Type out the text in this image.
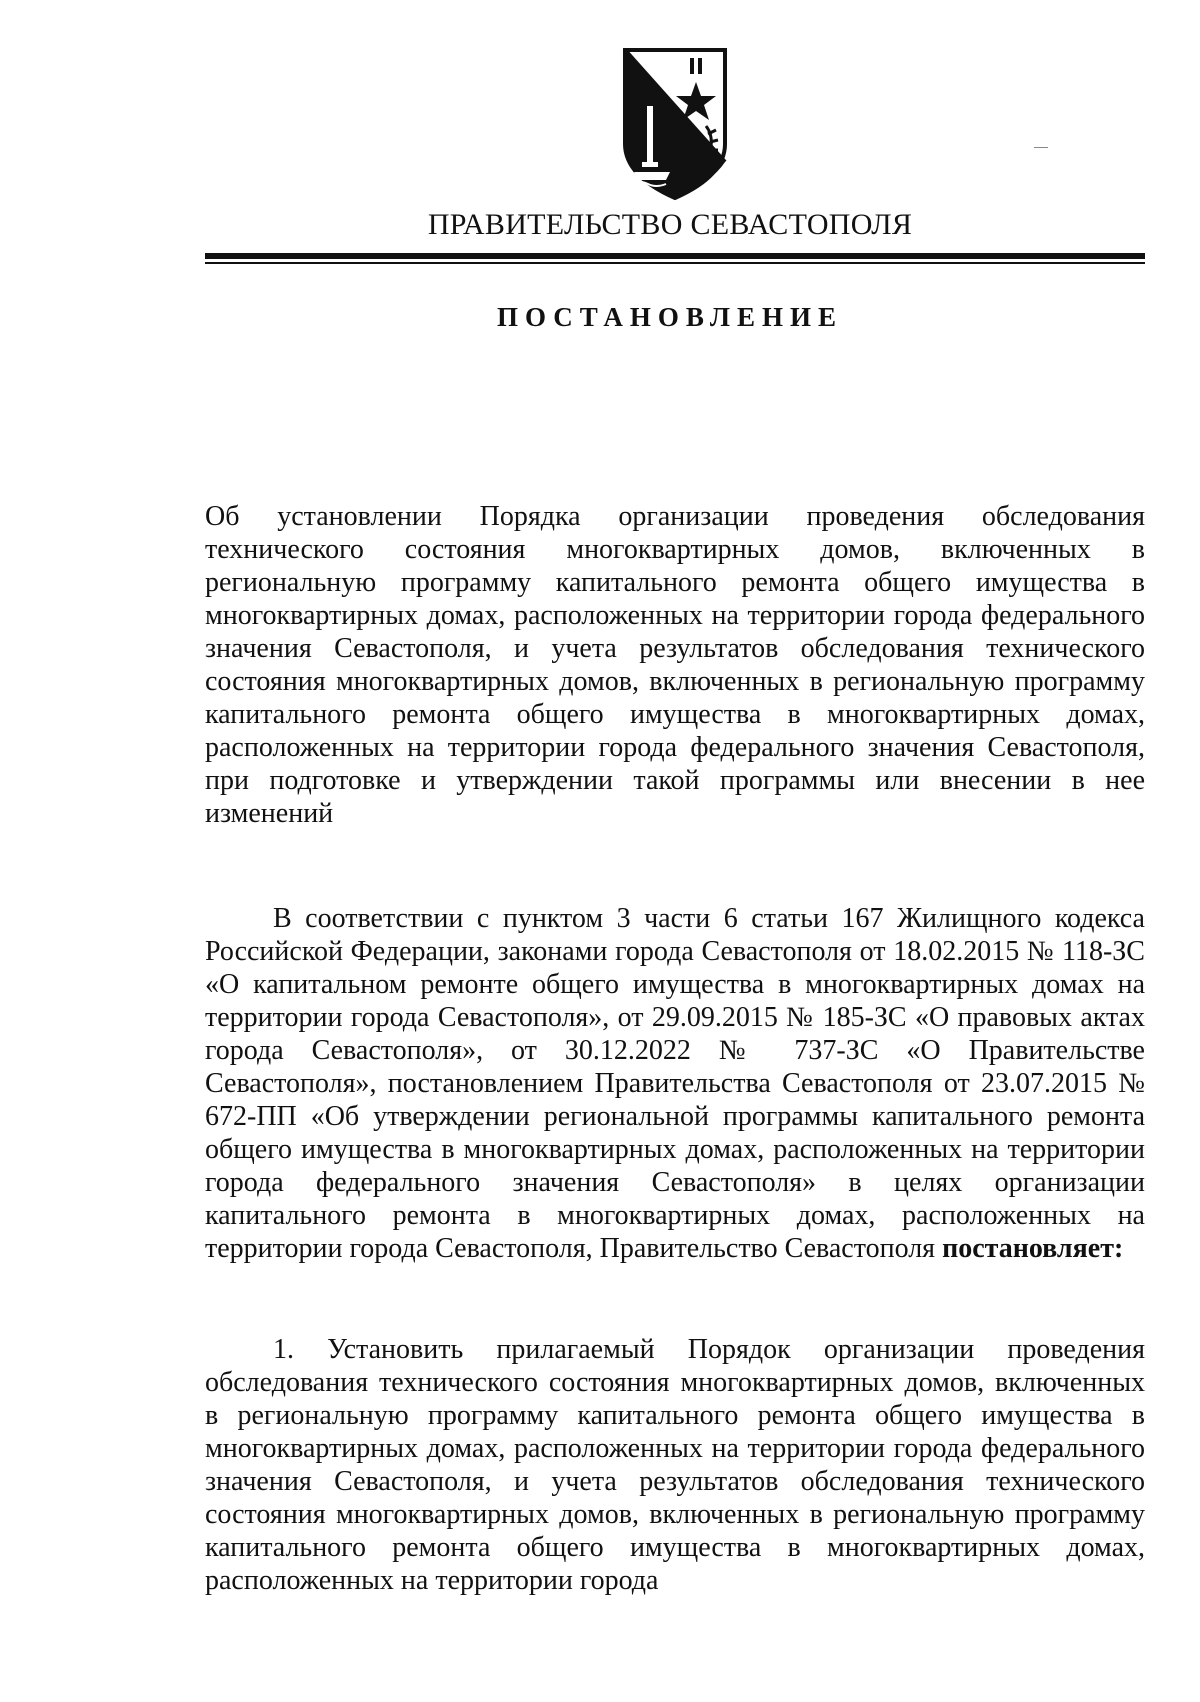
ПРАВИТЕЛЬСТВО СЕВАСТОПОЛЯ
ПОСТАНОВЛЕНИЕ
Об установлении Порядка организации проведения обследования технического состояния многоквартирных домов, включенных в региональную программу капитального ремонта общего имущества в многоквартирных домах, расположенных на территории города федерального значения Севастополя, и учета результатов обследования технического состояния многоквартирных домов, включенных в региональную программу капитального ремонта общего имущества в многоквартирных домах, расположенных на территории города федерального значения Севастополя, при подготовке и утверждении такой программы или внесении в нее изменений
В соответствии с пунктом 3 части 6 статьи 167 Жилищного кодекса Российской Федерации, законами города Севастополя от 18.02.2015 № 118-ЗС «О капитальном ремонте общего имущества в многоквартирных домах на территории города Севастополя», от 29.09.2015 № 185-ЗС «О правовых актах города Севастополя», от 30.12.2022 № 737-ЗС «О Правительстве Севастополя», постановлением Правительства Севастополя от 23.07.2015 № 672-ПП «Об утверждении региональной программы капитального ремонта общего имущества в многоквартирных домах, расположенных на территории города федерального значения Севастополя» в целях организации капитального ремонта в многоквартирных домах, расположенных на территории города Севастополя, Правительство Севастополя постановляет:
1. Установить прилагаемый Порядок организации проведения обследования технического состояния многоквартирных домов, включенных в региональную программу капитального ремонта общего имущества в многоквартирных домах, расположенных на территории города федерального значения Севастополя, и учета результатов обследования технического состояния многоквартирных домов, включенных в региональную программу капитального ремонта общего имущества в многоквартирных домах, расположенных на территории города
